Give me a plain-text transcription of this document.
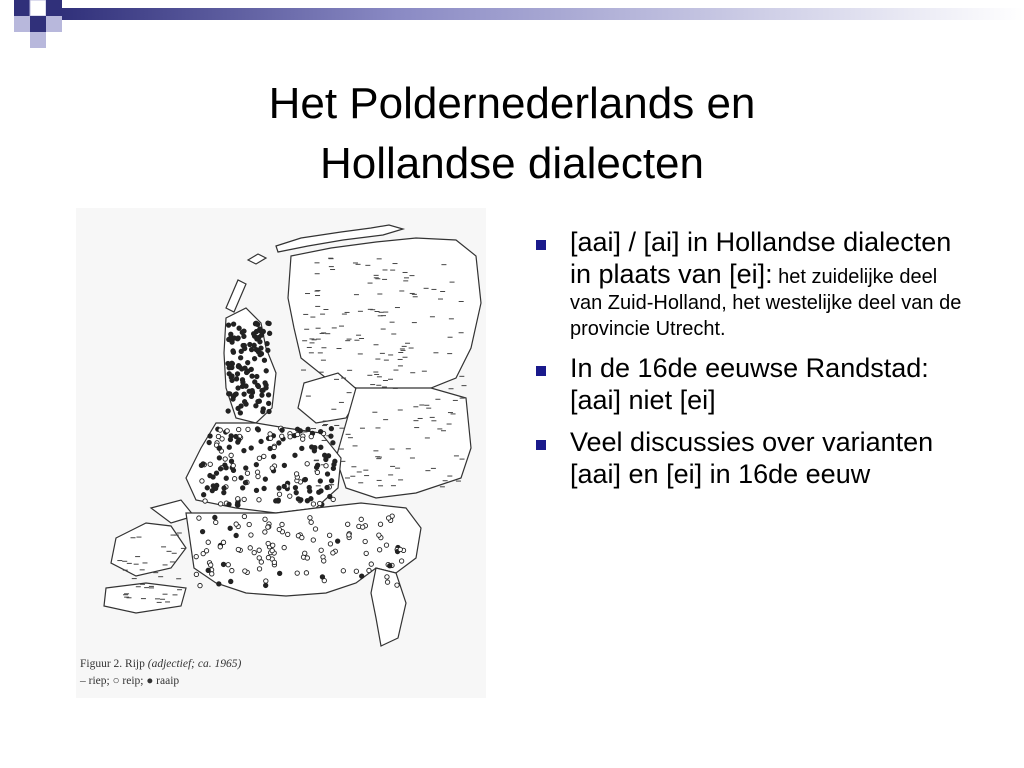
Het Poldernederlands en
Hollandse dialecten
Figuur 2. Rijp (adjectief; ca. 1965)
– riep; ○ reip; ● raaip
[aai] / [ai] in Hollandse dialecten in plaats van [ei]: het zuidelijke deel van Zuid-Holland, het westelijke deel van de provincie Utrecht.
In de 16de eeuwse Randstad: [aai] niet [ei]
Veel discussies over varianten [aai] en [ei] in 16de eeuw
